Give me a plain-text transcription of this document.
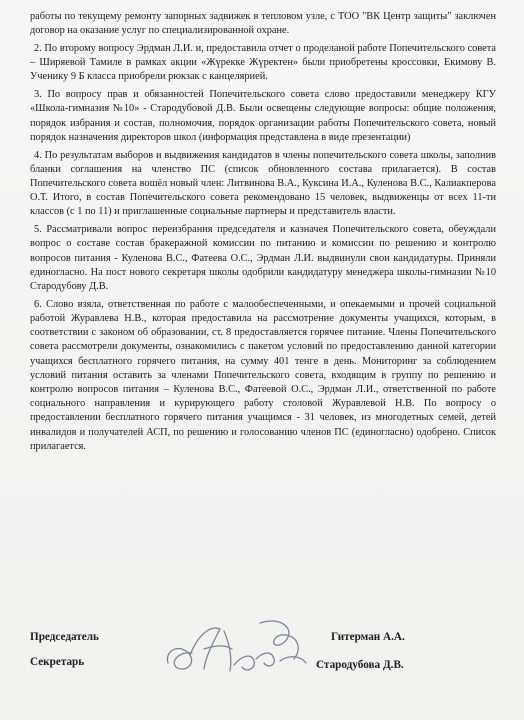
работы по текущему ремонту запорных задвижек в тепловом узле, с ТОО "ВК Центр защиты" заключен договор на оказание услуг по специализированной охране.

2. По второму вопросу Эрдман Л.И. и, предоставила отчет о проделаной работе Попечительского совета – Ширяевой Тамиле в рамках акции «Жүрекке Жүректен» были приобретены кроссовки, Екимову В. Ученику 9 Б класса приобрели рюкзак с канцелярией.

3. По вопросу прав и обязанностей Попечительского совета слово предоставили менеджеру КГУ «Школа-гимназия №10» - Стародубовой Д.В. Были освещены следующие вопросы: общие положения, порядок избрания и состав, полномочия, порядок организации работы Попечительского совета, новый порядок назначения директоров школ (информация представлена в виде презентации)

4. По результатам выборов и выдвижения кандидатов в члены попечительского совета школы, заполнив бланки соглашения на членство ПС (список обновленного состава прилагается). В состав Попечительского совета вошёл новый член: Литвинова В.А., Куксина И.А., Куленова В.С., Калиакперова О.Т. Итого, в состав Попечительского совета рекомендовано 15 человек, выдвиженцы от всех 11-ти классов (с 1 по 11) и приглашенные социальные партнеры и представитель власти.

5. Рассматривали вопрос переизбрания председателя и казначея Попечительского совета, обеуждали вопрос о составе состав бракеражной комиссии по питанию и комиссии по решению и контролю вопросов питания - Куленова В.С., Фатеева О.С., Эрдман Л.И. выдвинули свои кандидатуры. Приняли единогласно. На пост нового секретаря школы одобрили кандидатуру менеджера школы-гимназии №10 Стародубову Д.В.

6. Слово взяла, ответственная по работе с малообеспеченными, и опекаемыми и прочей социальной работой Журавлева Н.В., которая предоставила на рассмотрение документы учащихся, которым, в соответствии с законом об образовании, ст. 8 предоставляется горячее питание. Члены Попечительского совета рассмотрели документы, ознакомились с пакетом условий по предоставлению данной категории учащихся бесплатного горячего питания, на сумму 401 тенге в день. Мониторинг за соблюдением условий питания оставить за членами Попечительского совета, входящим в группу по решению и контролю вопросов питания – Куленова В.С., Фатеевой О.С., Эрдман Л.И., ответственной по работе социального направления и курирующего работу столовой Журавлевой Н.В. По вопросу о предоставлении бесплатного горячего питания учащимся - 31 человек, из многодетных семей, детей инвалидов и получателей АСП, по решению и голосованию членов ПС (единогласно) одобрено. Список прилагается.

Председатель	Гитерман А.А.
Секретарь	Стародубова Д.В.
